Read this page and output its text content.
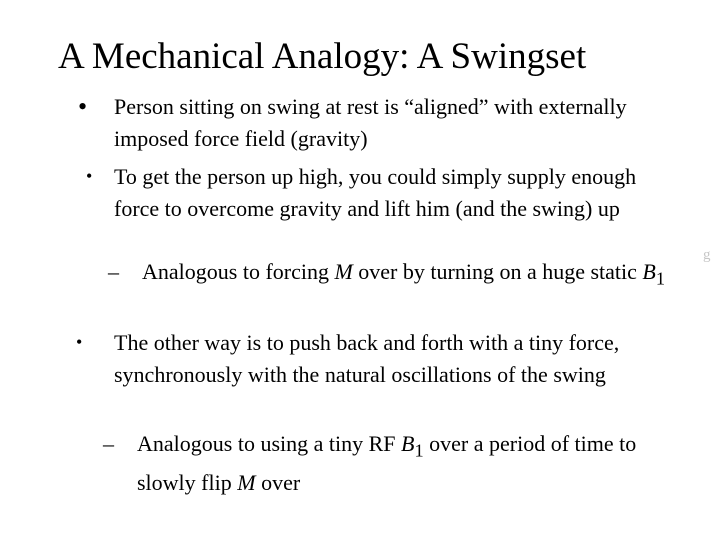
A Mechanical Analogy: A Swingset

• Person sitting on swing at rest is “aligned” with externally imposed force field (gravity)

• To get the person up high, you could simply supply enough force to overcome gravity and lift him (and the swing) up

– Analogous to forcing M over by turning on a huge static $B_1$

• The other way is to push back and forth with a tiny force, synchronously with the natural oscillations of the swing

– Analogous to using a tiny RF $B_1$ over a period of time to slowly flip M over

g
